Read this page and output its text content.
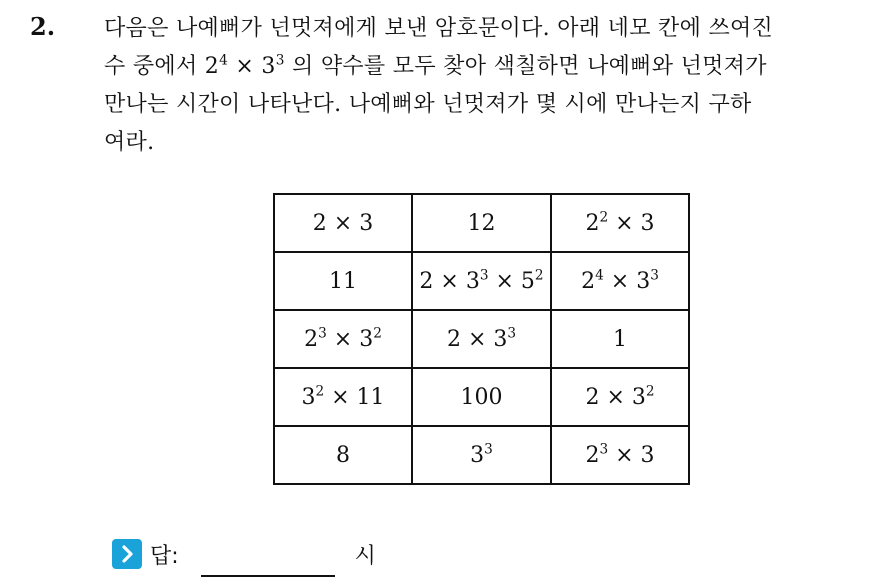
2. 다음은 나예뻐가 넌멋져에게 보낸 암호문이다. 아래 네모 칸에 쓰여진
수 중에서 $2^4 \times 3^3$ 의 약수를 모두 찾아 색칠하면 나예뻐와 넌멋져가
만나는 시간이 나타난다. 나예뻐와 넌멋져가 몇 시에 만나는지 구하
여라.
2 × 3	12	$2^2 \times 3$
11	$2 \times 3^3 \times 5^2$	$2^4 \times 3^3$
$2^3 \times 3^2$	$2 \times 3^3$	1
$3^2 \times 11$	100	$2 \times 3^2$
8	$3^3$	$2^3 \times 3$
답:	시
